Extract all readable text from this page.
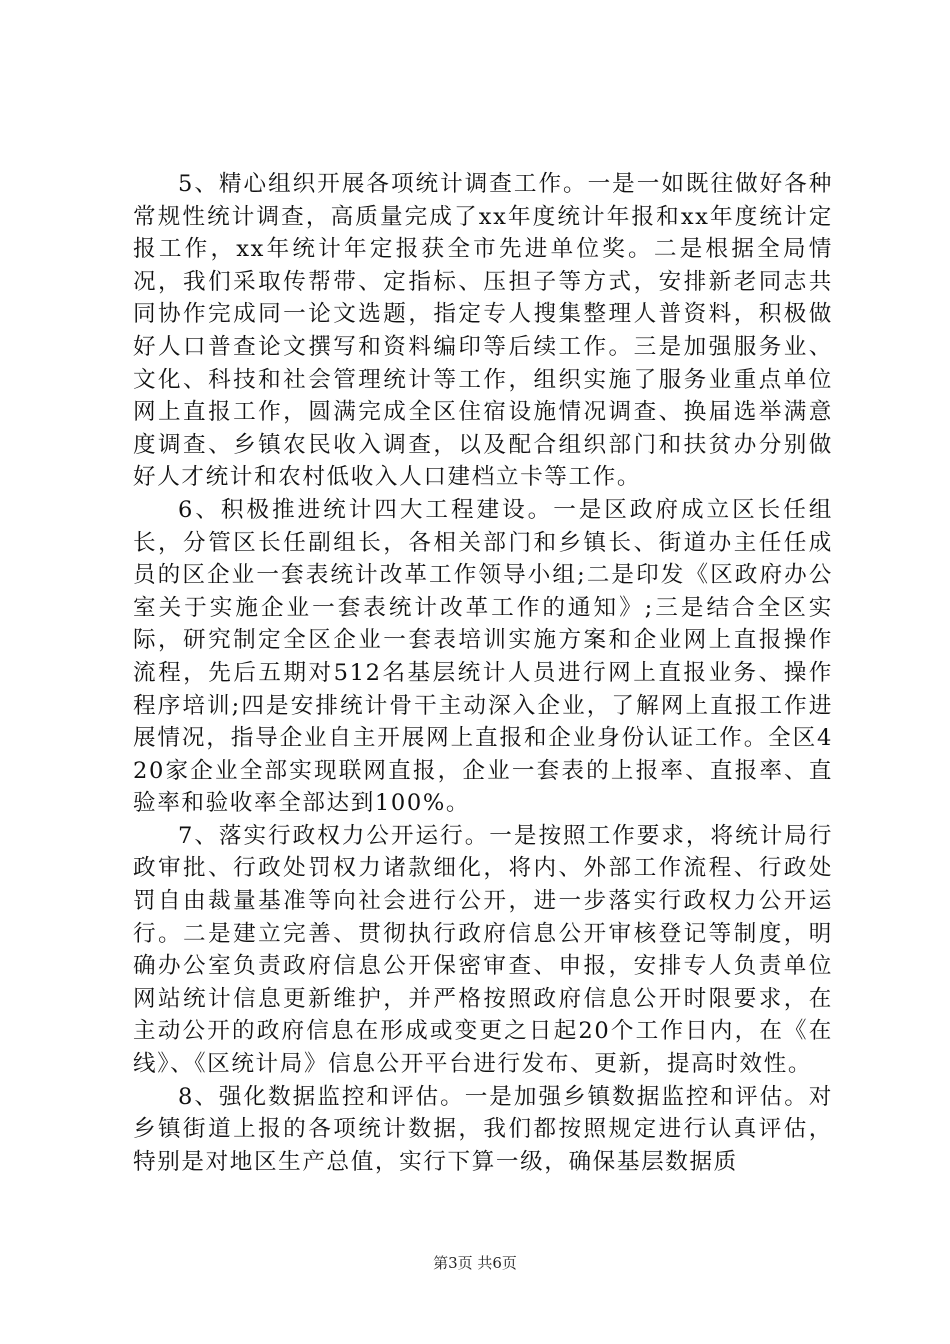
5、精心组织开展各项统计调查工作。一是一如既往做好各种常规性统计调查，高质量完成了xx年度统计年报和xx年度统计定报工作，xx年统计年定报获全市先进单位奖。二是根据全局情况，我们采取传帮带、定指标、压担子等方式，安排新老同志共同协作完成同一论文选题，指定专人搜集整理人普资料，积极做好人口普查论文撰写和资料编印等后续工作。三是加强服务业、文化、科技和社会管理统计等工作，组织实施了服务业重点单位网上直报工作，圆满完成全区住宿设施情况调查、换届选举满意度调查、乡镇农民收入调查，以及配合组织部门和扶贫办分别做好人才统计和农村低收入人口建档立卡等工作。

6、积极推进统计四大工程建设。一是区政府成立区长任组长，分管区长任副组长，各相关部门和乡镇长、街道办主任任成员的区企业一套表统计改革工作领导小组;二是印发《区政府办公室关于实施企业一套表统计改革工作的通知》;三是结合全区实际，研究制定全区企业一套表培训实施方案和企业网上直报操作流程，先后五期对512名基层统计人员进行网上直报业务、操作程序培训;四是安排统计骨干主动深入企业，了解网上直报工作进展情况，指导企业自主开展网上直报和企业身份认证工作。全区420家企业全部实现联网直报，企业一套表的上报率、直报率、直验率和验收率全部达到100%。

7、落实行政权力公开运行。一是按照工作要求，将统计局行政审批、行政处罚权力诸款细化，将内、外部工作流程、行政处罚自由裁量基准等向社会进行公开，进一步落实行政权力公开运行。二是建立完善、贯彻执行政府信息公开审核登记等制度，明确办公室负责政府信息公开保密审查、申报，安排专人负责单位网站统计信息更新维护，并严格按照政府信息公开时限要求，在主动公开的政府信息在形成或变更之日起20个工作日内，在《在线》、《区统计局》信息公开平台进行发布、更新，提高时效性。

8、强化数据监控和评估。一是加强乡镇数据监控和评估。对乡镇街道上报的各项统计数据，我们都按照规定进行认真评估，特别是对地区生产总值，实行下算一级，确保基层数据质

第3页 共6页
